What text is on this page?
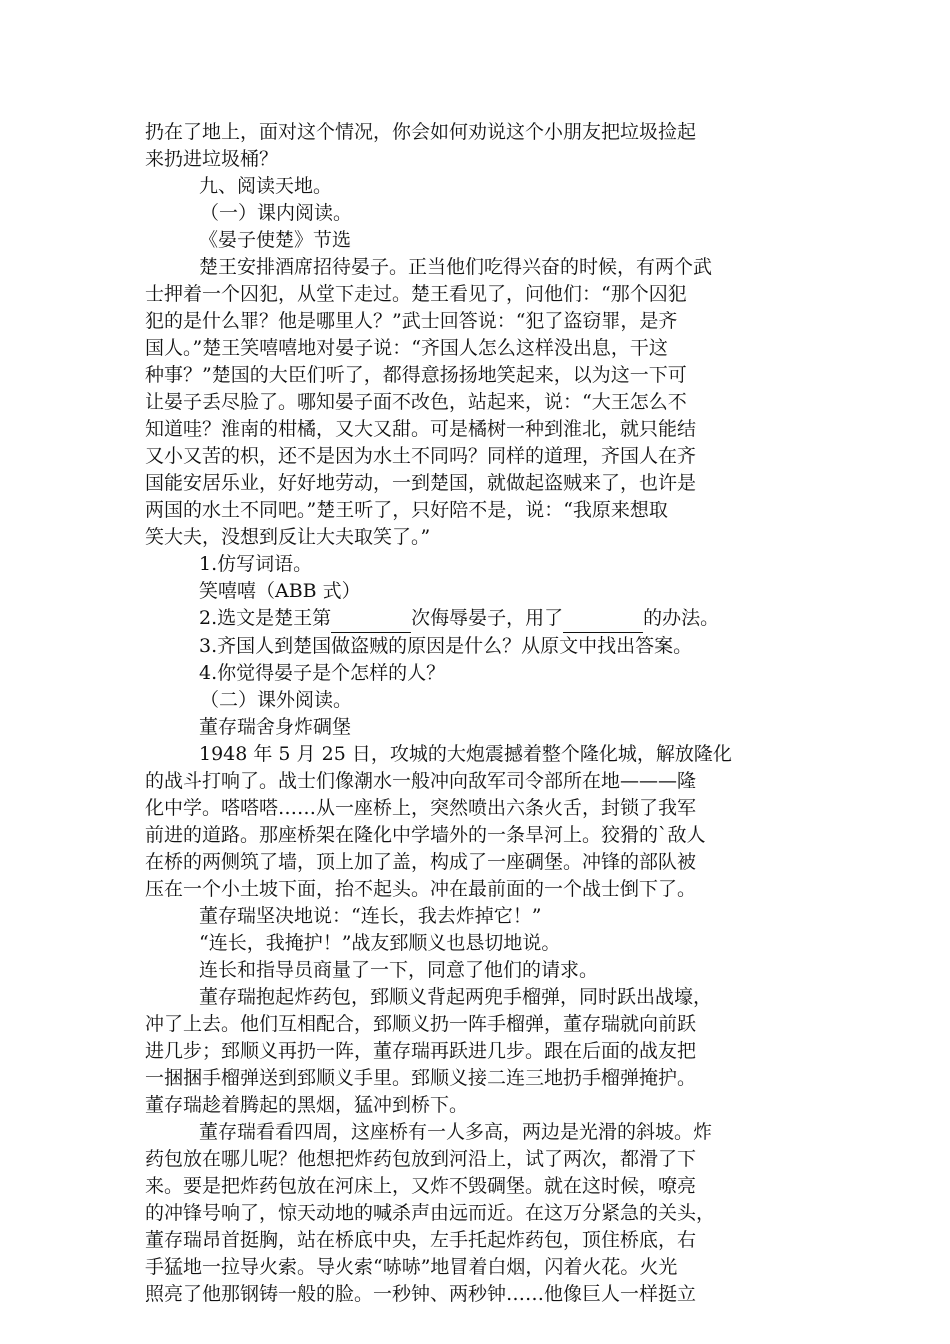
扔在了地上，面对这个情况，你会如何劝说这个小朋友把垃圾捡起
来扔进垃圾桶？
九、阅读天地。
（一）课内阅读。
《晏子使楚》节选
楚王安排酒席招待晏子。正当他们吃得兴奋的时候，有两个武
士押着一个囚犯，从堂下走过。楚王看见了，问他们：“那个囚犯
犯的是什么罪？他是哪里人？”武士回答说：“犯了盗窃罪，是齐
国人。”楚王笑嘻嘻地对晏子说：“齐国人怎么这样没出息，干这
种事？”楚国的大臣们听了，都得意扬扬地笑起来，以为这一下可
让晏子丢尽脸了。哪知晏子面不改色，站起来，说：“大王怎么不
知道哇？淮南的柑橘，又大又甜。可是橘树一种到淮北，就只能结
又小又苦的枳，还不是因为水土不同吗？同样的道理，齐国人在齐
国能安居乐业，好好地劳动，一到楚国，就做起盗贼来了，也许是
两国的水土不同吧。”楚王听了，只好陪不是，说：“我原来想取
笑大夫，没想到反让大夫取笑了。”
1.仿写词语。
笑嘻嘻（ABB 式）
2.选文是楚王第	次侮辱晏子，用了	的办法。
3.齐国人到楚国做盗贼的原因是什么？从原文中找出答案。
4.你觉得晏子是个怎样的人？
（二）课外阅读。
董存瑞舍身炸碉堡
1948 年 5 月 25 日，攻城的大炮震撼着整个隆化城，解放隆化
的战斗打响了。战士们像潮水一般冲向敌军司令部所在地———隆
化中学。嗒嗒嗒……从一座桥上，突然喷出六条火舌，封锁了我军
前进的道路。那座桥架在隆化中学墙外的一条旱河上。狡猾的`敌人
在桥的两侧筑了墙，顶上加了盖，构成了一座碉堡。冲锋的部队被
压在一个小土坡下面，抬不起头。冲在最前面的一个战士倒下了。
董存瑞坚决地说：“连长，我去炸掉它！”
“连长，我掩护！”战友郅顺义也恳切地说。
连长和指导员商量了一下，同意了他们的请求。
董存瑞抱起炸药包，郅顺义背起两兜手榴弹，同时跃出战壕，
冲了上去。他们互相配合，郅顺义扔一阵手榴弹，董存瑞就向前跃
进几步；郅顺义再扔一阵，董存瑞再跃进几步。跟在后面的战友把
一捆捆手榴弹送到郅顺义手里。郅顺义接二连三地扔手榴弹掩护。
董存瑞趁着腾起的黑烟，猛冲到桥下。
董存瑞看看四周，这座桥有一人多高，两边是光滑的斜坡。炸
药包放在哪儿呢？他想把炸药包放到河沿上，试了两次，都滑了下
来。要是把炸药包放在河床上，又炸不毁碉堡。就在这时候，嘹亮
的冲锋号响了，惊天动地的喊杀声由远而近。在这万分紧急的关头，
董存瑞昂首挺胸，站在桥底中央，左手托起炸药包，顶住桥底，右
手猛地一拉导火索。导火索“哧哧”地冒着白烟，闪着火花。火光
照亮了他那钢铸一般的脸。一秒钟、两秒钟……他像巨人一样挺立
